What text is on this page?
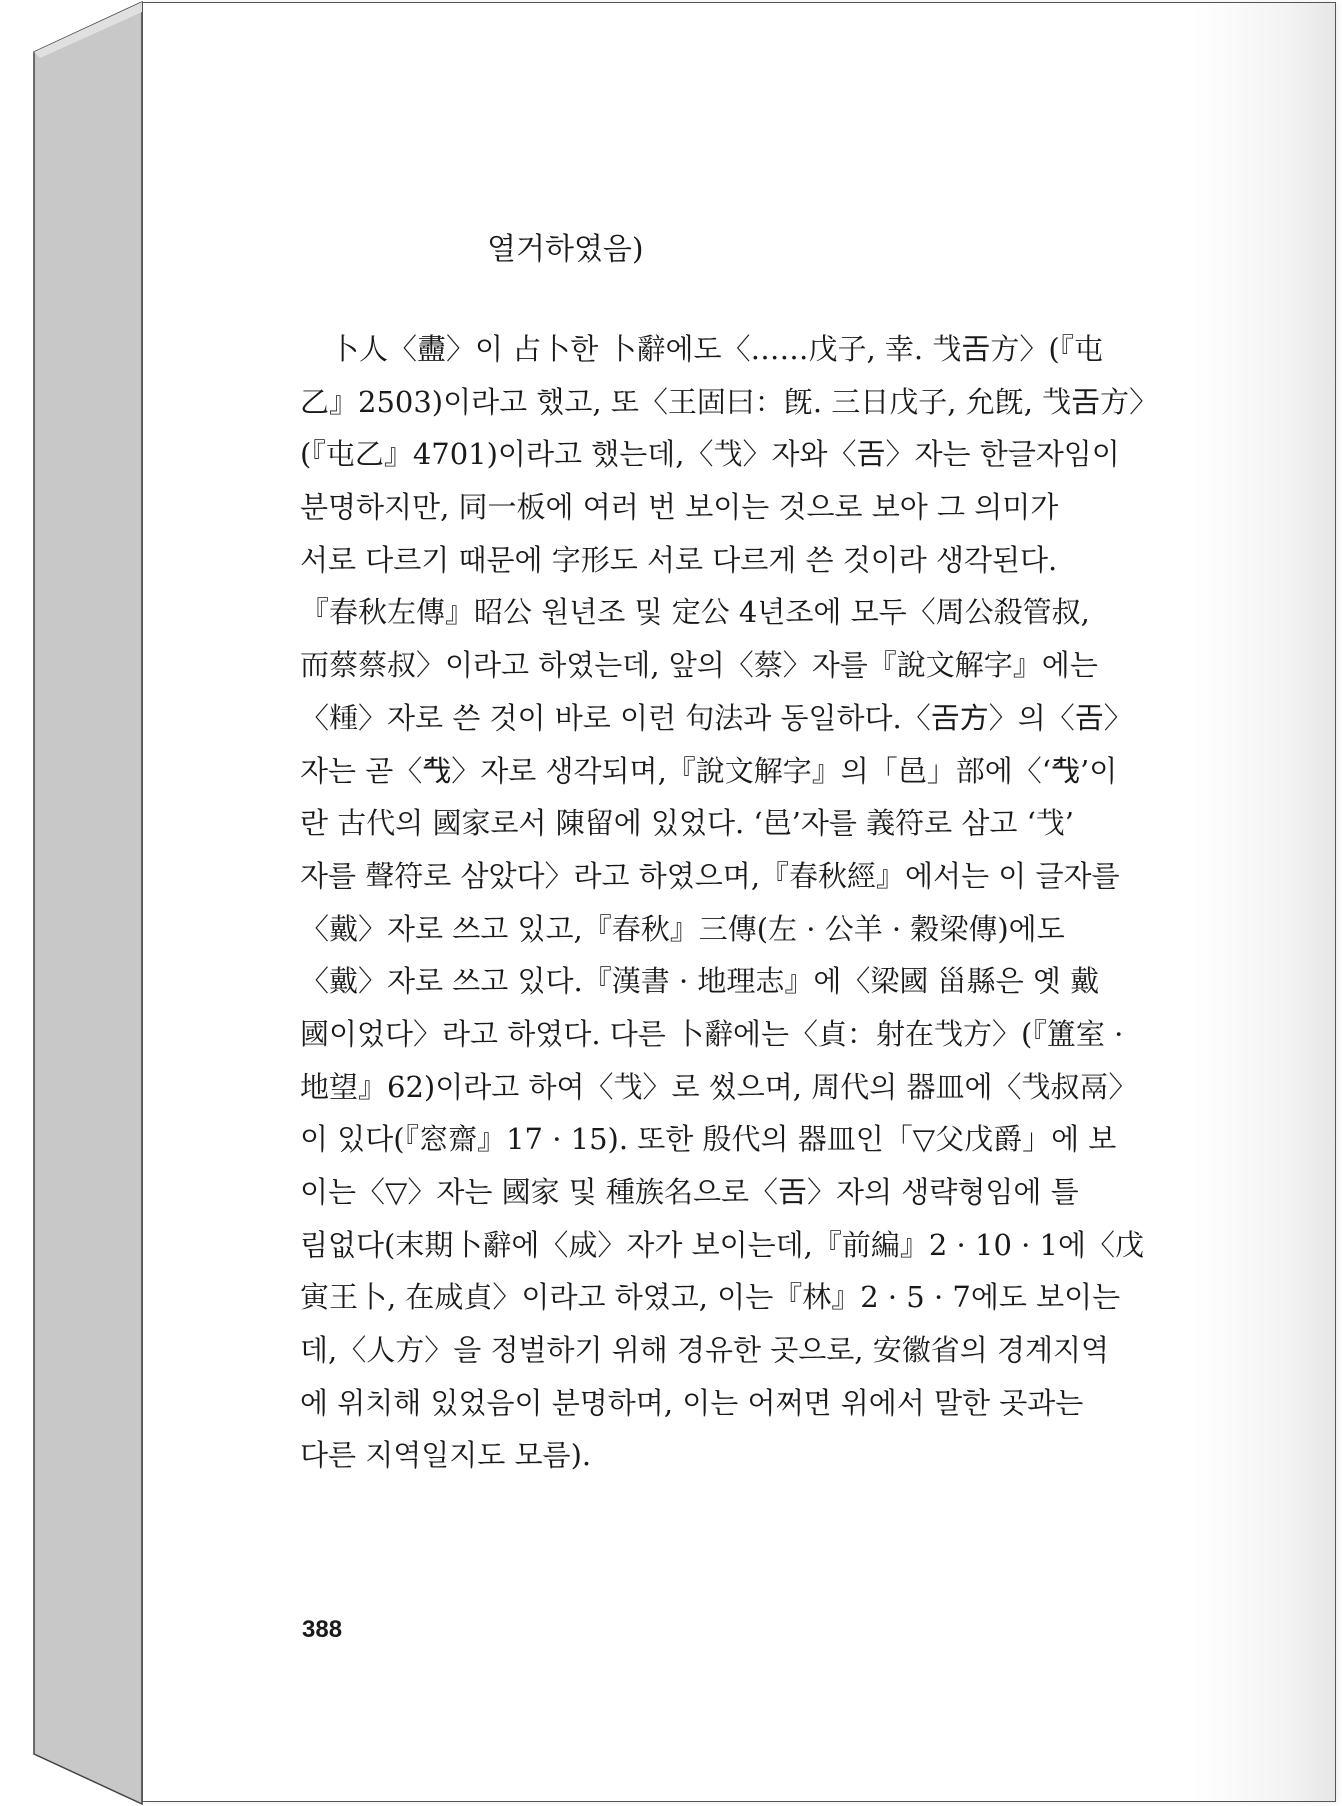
열거하였음)
卜人〈䀌〉이 占卜한 卜辭에도〈……戊子, 幸. 𢦏𢀛方〉(『屯
乙』2503)이라고 했고, 또〈王固曰：旣. 三日戊子, 允旣, 𢦏𢀛方〉
(『屯乙』4701)이라고 했는데,〈𢦏〉자와〈𢀛〉자는 한글자임이
분명하지만, 同一板에 여러 번 보이는 것으로 보아 그 의미가
서로 다르기 때문에 字形도 서로 다르게 쓴 것이라 생각된다.
『春秋左傳』昭公 원년조 및 定公 4년조에 모두〈周公殺管叔,
而蔡蔡叔〉이라고 하였는데, 앞의〈蔡〉자를『說文解字』에는
〈𥻝〉자로 쓴 것이 바로 이런 句法과 동일하다.〈𢀛方〉의〈𢀛〉
자는 곧〈𢦔〉자로 생각되며,『說文解字』의「邑」部에〈‘𢦔’이
란 古代의 國家로서 陳留에 있었다. ‘邑’자를 義符로 삼고 ‘𢦏’
자를 聲符로 삼았다〉라고 하였으며,『春秋經』에서는 이 글자를
〈戴〉자로 쓰고 있고,『春秋』三傳(左 · 公羊 · 穀梁傳)에도
〈戴〉자로 쓰고 있다.『漢書 · 地理志』에〈梁國 甾縣은 옛 戴
國이었다〉라고 하였다. 다른 卜辭에는〈貞：射在𢦏方〉(『簠室 ·
地望』62)이라고 하여〈𢦏〉로 썼으며, 周代의 器皿에〈𢦏叔鬲〉
이 있다(『窓齋』17 · 15). 또한 殷代의 器皿인「▽父戊爵」에 보
이는〈▽〉자는 國家 및 種族名으로〈𢀛〉자의 생략형임에 틀
림없다(末期卜辭에〈𢦓〉자가 보이는데,『前編』2 · 10 · 1에〈戊
寅王卜, 在𢦓貞〉이라고 하였고, 이는『林』2 · 5 · 7에도 보이는
데,〈人方〉을 정벌하기 위해 경유한 곳으로, 安徽省의 경계지역
에 위치해 있었음이 분명하며, 이는 어쩌면 위에서 말한 곳과는
다른 지역일지도 모름).
388
